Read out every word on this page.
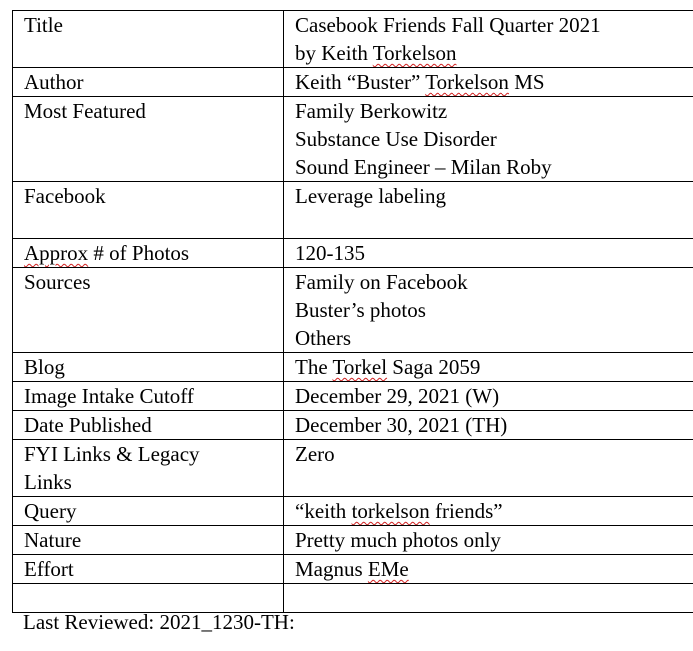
Title	Casebook Friends Fall Quarter 2021
by Keith Torkelson

Author	Keith “Buster” Torkelson MS

Most Featured	Family Berkowitz
Substance Use Disorder
Sound Engineer – Milan Roby

Facebook	Leverage labeling

Approx # of Photos	120-135

Sources	Family on Facebook
Buster’s photos
Others

Blog	The Torkel Saga 2059

Image Intake Cutoff	December 29, 2021 (W)

Date Published	December 30, 2021 (TH)

FYI Links & Legacy
Links	Zero

Query	“keith torkelson friends”

Nature	Pretty much photos only

Effort	Magnus EMe

Last Reviewed: 2021_1230-TH:
